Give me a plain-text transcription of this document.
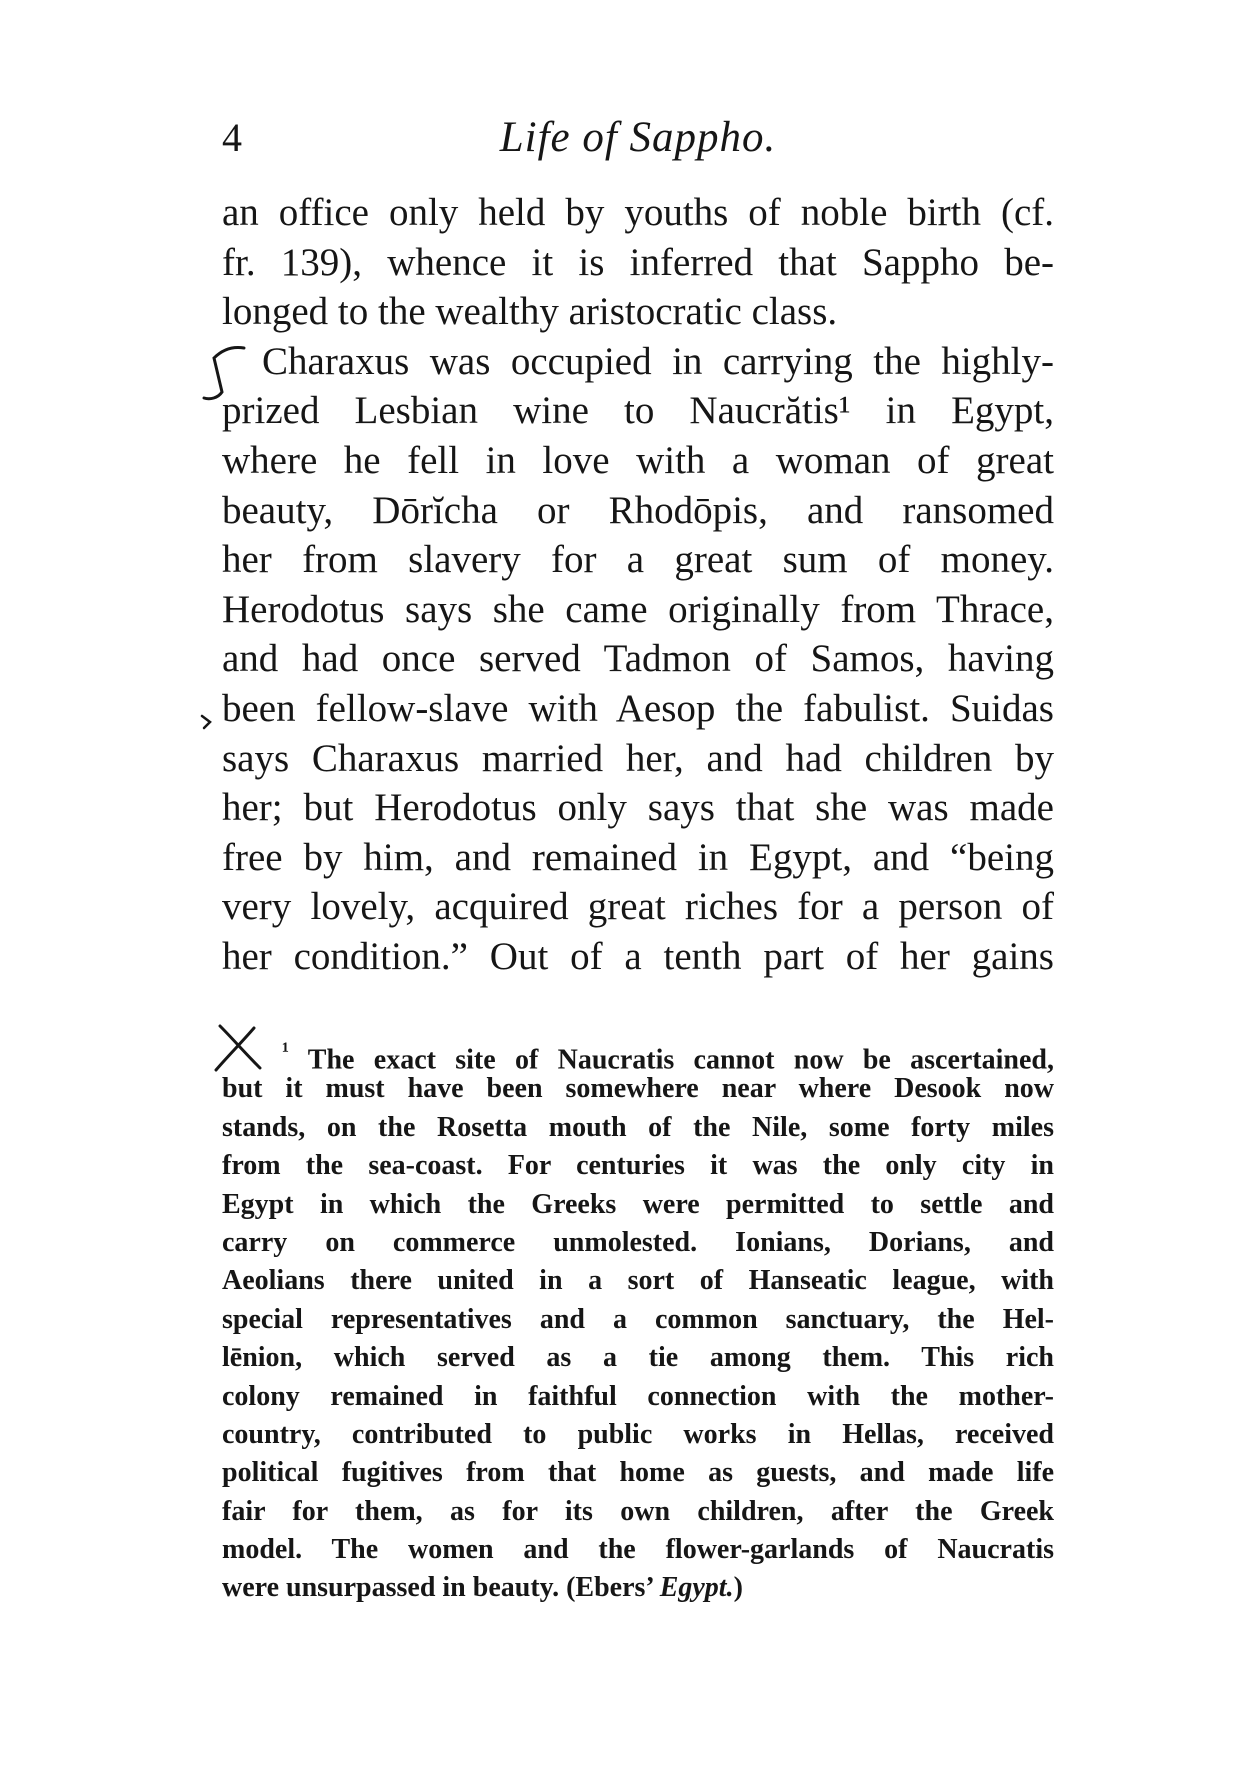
4	Life of Sappho.
an office only held by youths of noble birth (cf.
fr. 139), whence it is inferred that Sappho be-
longed to the wealthy aristocratic class.
Charaxus was occupied in carrying the highly-
prized Lesbian wine to Naucrătis¹ in Egypt,
where he fell in love with a woman of great
beauty, Dōrĭcha or Rhodōpis, and ransomed
her from slavery for a great sum of money.
Herodotus says she came originally from Thrace,
and had once served Tadmon of Samos, having
been fellow-slave with Aesop the fabulist. Suidas
says Charaxus married her, and had children by
her; but Herodotus only says that she was made
free by him, and remained in Egypt, and “being
very lovely, acquired great riches for a person of
her condition.” Out of a tenth part of her gains
$^{^1}$ The exact site of Naucratis cannot now be ascertained,
but it must have been somewhere near where Desook now
stands, on the Rosetta mouth of the Nile, some forty miles
from the sea-coast. For centuries it was the only city in
Egypt in which the Greeks were permitted to settle and
carry on commerce unmolested. Ionians, Dorians, and
Aeolians there united in a sort of Hanseatic league, with
special representatives and a common sanctuary, the Hel-
lēnion, which served as a tie among them. This rich
colony remained in faithful connection with the mother-
country, contributed to public works in Hellas, received
political fugitives from that home as guests, and made life
fair for them, as for its own children, after the Greek
model. The women and the flower-garlands of Naucratis
were unsurpassed in beauty. (Ebers’ Egypt.)
